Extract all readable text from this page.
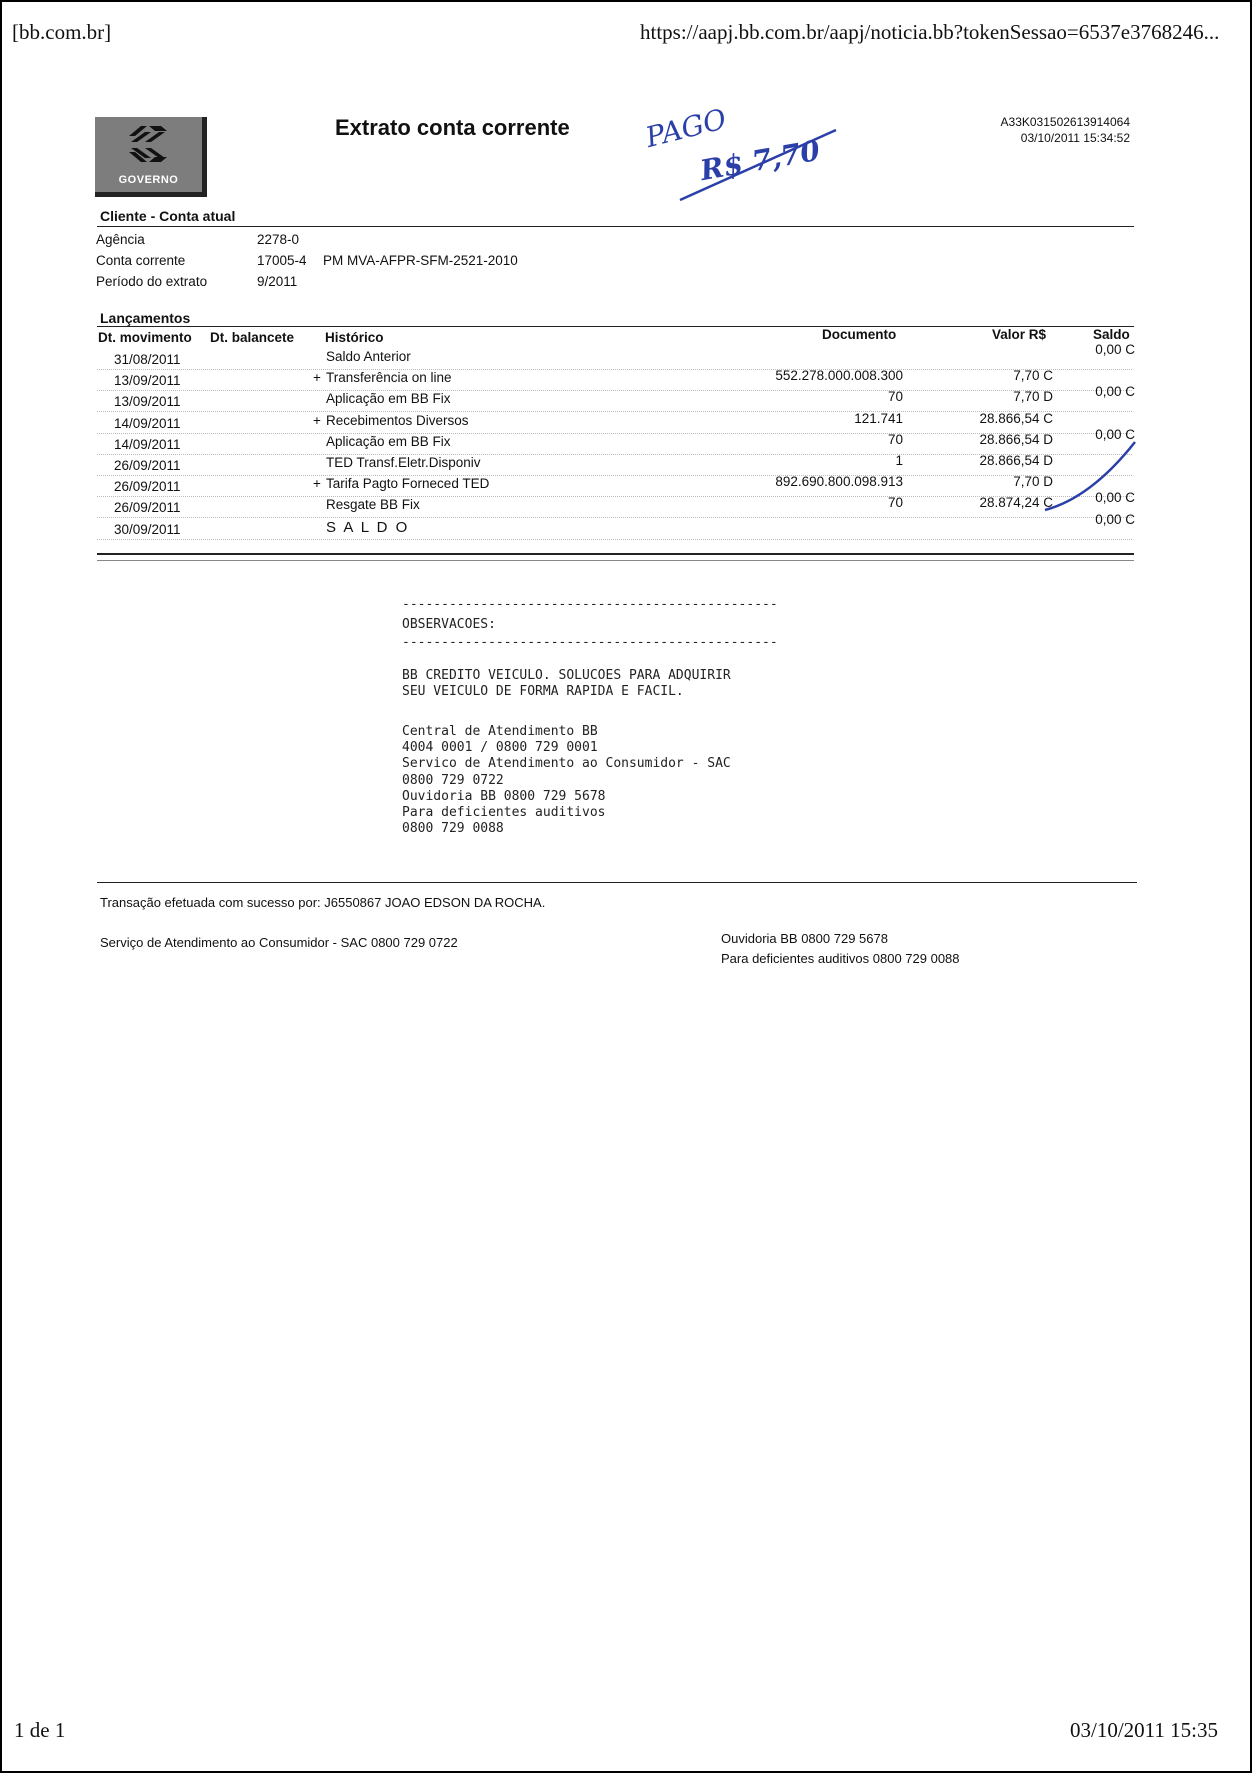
[bb.com.br]	https://aapj.bb.com.br/aapj/noticia.bb?tokenSessao=6537e3768246...
GOVERNO
Extrato conta corrente	A33K031502613914064
03/10/2011 15:34:52
PAGO
R$ 7,70
Cliente - Conta atual
Agência	2278-0
Conta corrente	17005-4 PM MVA-AFPR-SFM-2521-2010
Período do extrato	9/2011
Lançamentos
Dt. movimento Dt. balancete Histórico	Documento	Valor R$	Saldo
31/08/2011	Saldo Anterior	0,00 C
13/09/2011	+ Transferência on line	552.278.000.008.300	7,70 C
13/09/2011	Aplicação em BB Fix	70	7,70 D	0,00 C
14/09/2011	+ Recebimentos Diversos	121.741	28.866,54 C
14/09/2011	Aplicação em BB Fix	70	28.866,54 D	0,00 C
26/09/2011	TED Transf.Eletr.Disponiv	1	28.866,54 D
26/09/2011	+ Tarifa Pagto Forneced TED	892.690.800.098.913	7,70 D
26/09/2011	Resgate BB Fix	70	28.874,24 C	0,00 C
30/09/2011	S A L D O	0,00 C
------------------------------------------------
OBSERVACOES:
------------------------------------------------
BB CREDITO VEICULO. SOLUCOES PARA ADQUIRIR
SEU VEICULO DE FORMA RAPIDA E FACIL.
Central de Atendimento BB
4004 0001 / 0800 729 0001
Servico de Atendimento ao Consumidor - SAC
0800 729 0722
Ouvidoria BB 0800 729 5678
Para deficientes auditivos
0800 729 0088
Transação efetuada com sucesso por: J6550867 JOAO EDSON DA ROCHA.
Serviço de Atendimento ao Consumidor - SAC 0800 729 0722	Ouvidoria BB 0800 729 5678
Para deficientes auditivos 0800 729 0088
1 de 1	03/10/2011 15:35
